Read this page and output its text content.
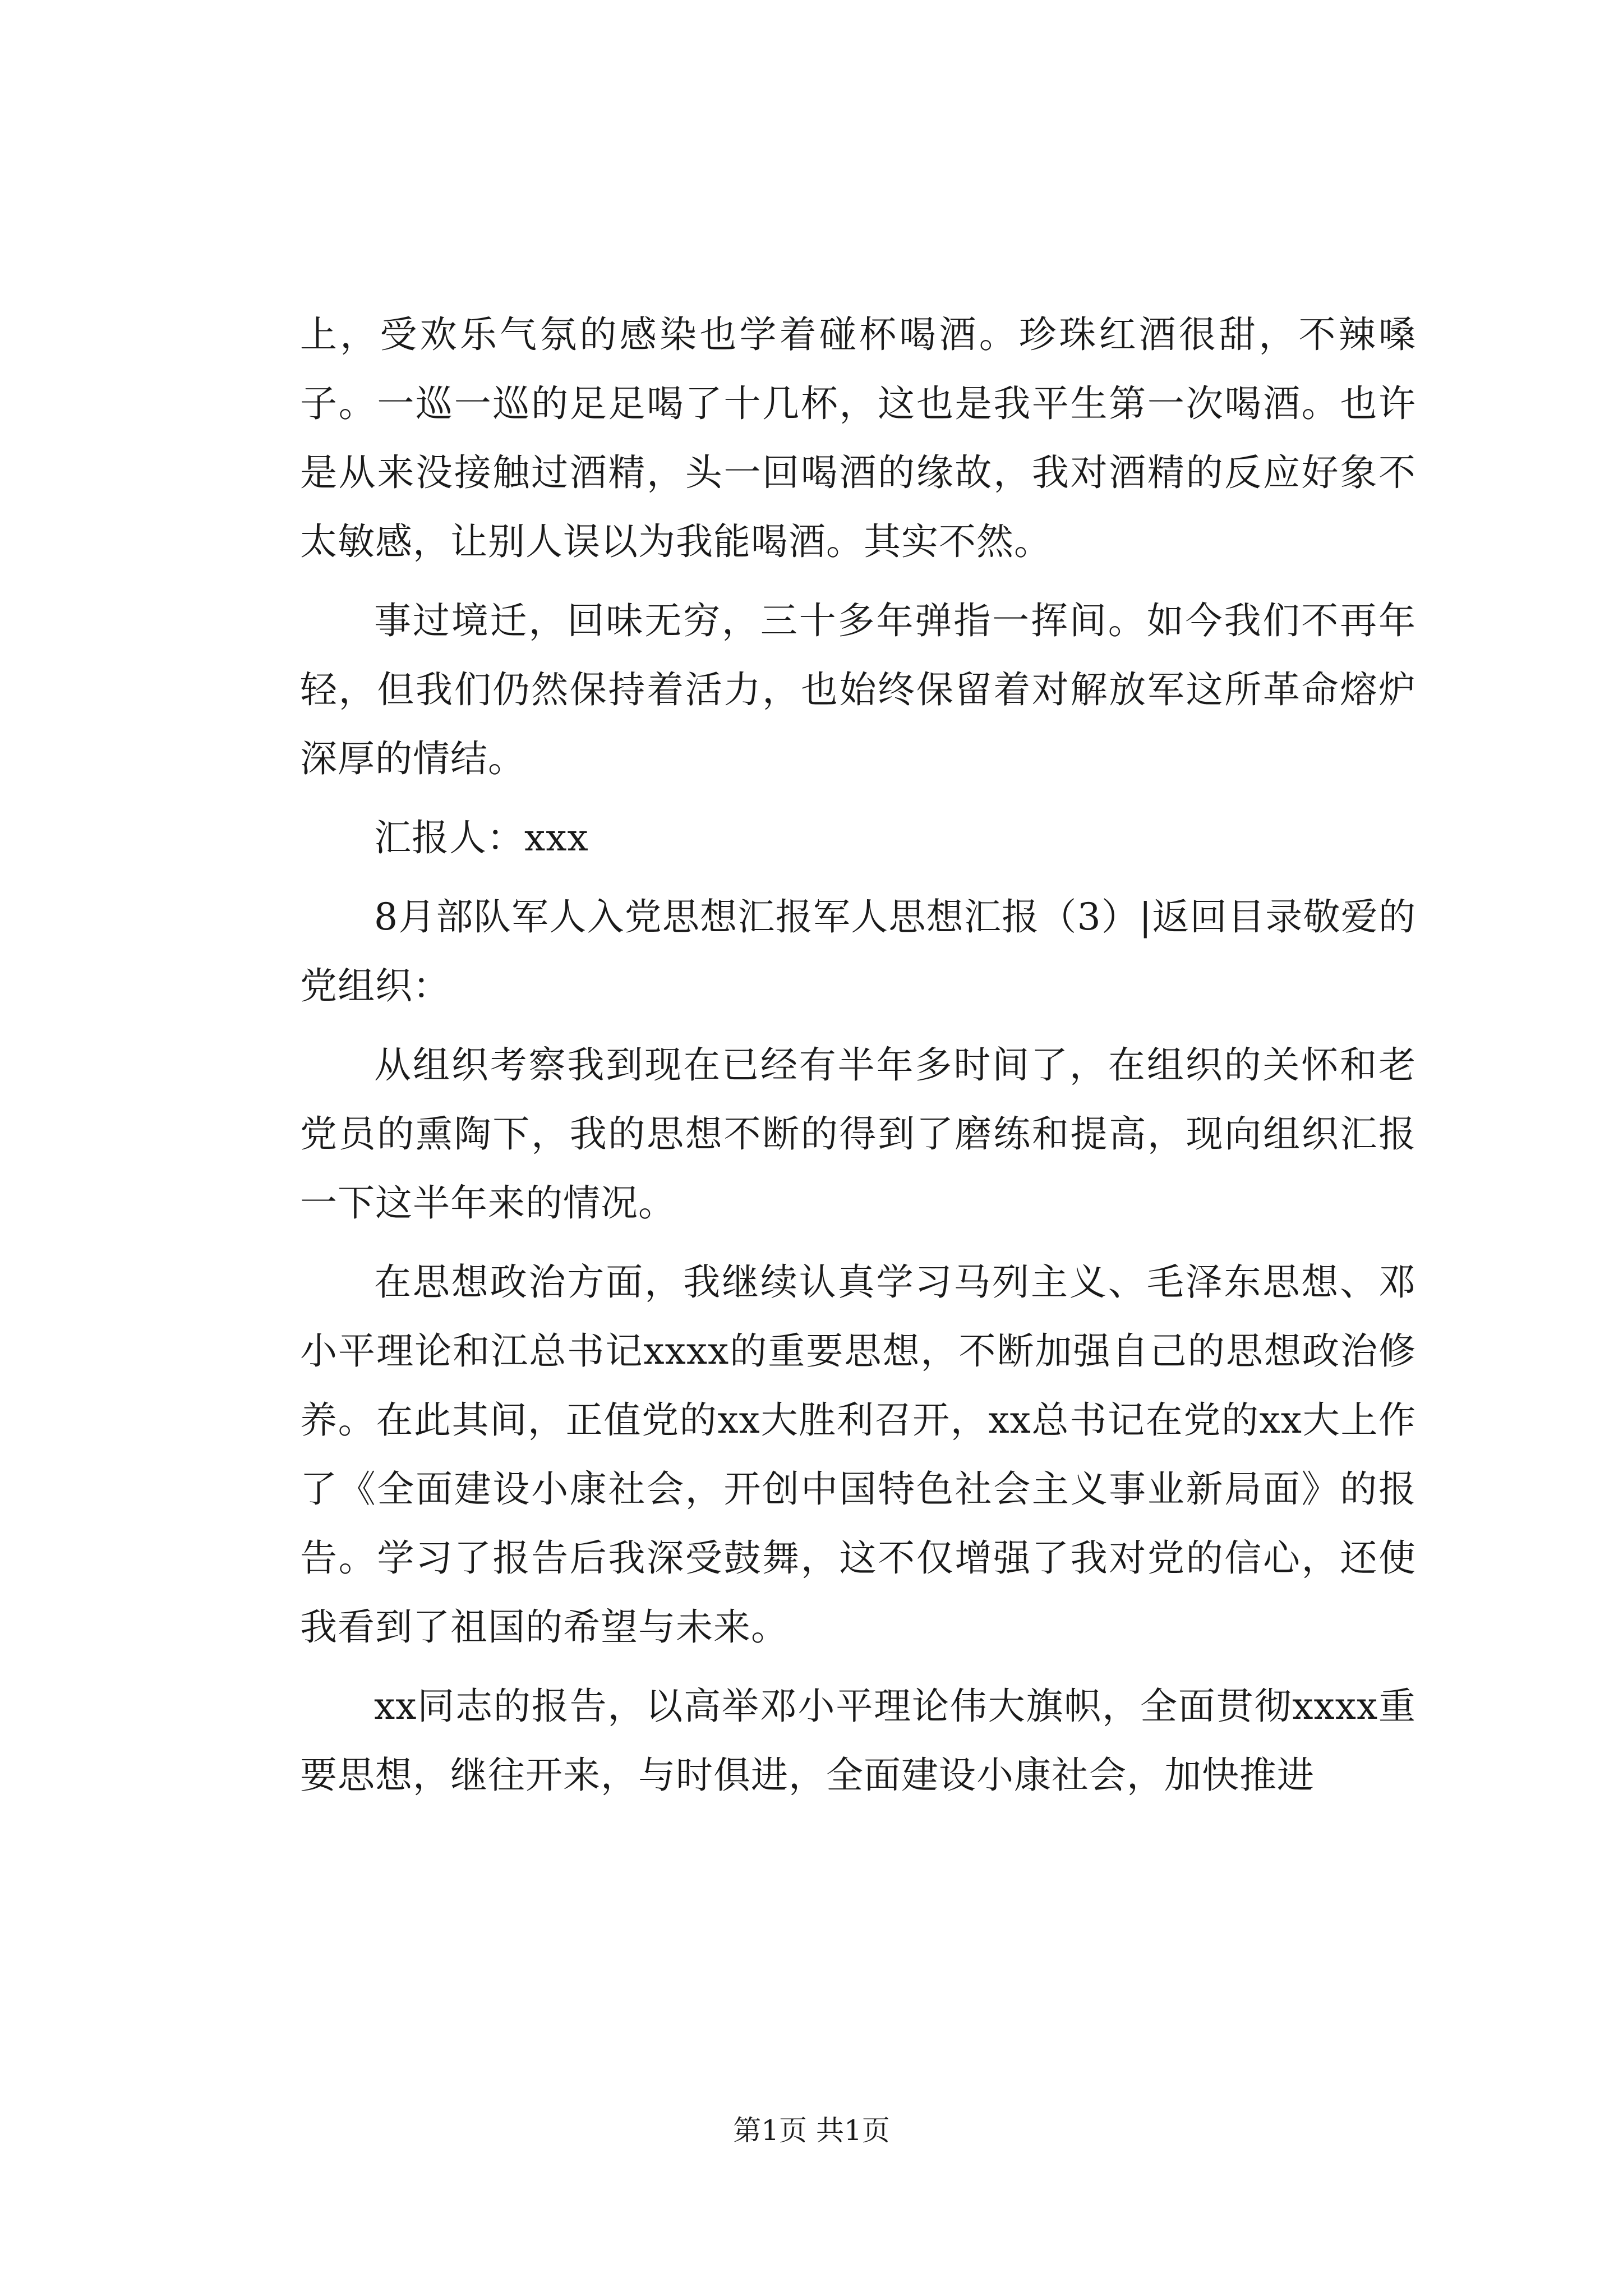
上，受欢乐气氛的感染也学着碰杯喝酒。珍珠红酒很甜，不辣嗓子。一巡一巡的足足喝了十几杯，这也是我平生第一次喝酒。也许是从来没接触过酒精，头一回喝酒的缘故，我对酒精的反应好象不太敏感，让别人误以为我能喝酒。其实不然。

事过境迁，回味无穷，三十多年弹指一挥间。如今我们不再年轻，但我们仍然保持着活力，也始终保留着对解放军这所革命熔炉深厚的情结。

汇报人：xxx

8月部队军人入党思想汇报军人思想汇报（3）|返回目录敬爱的党组织：

从组织考察我到现在已经有半年多时间了，在组织的关怀和老党员的熏陶下，我的思想不断的得到了磨练和提高，现向组织汇报一下这半年来的情况。

在思想政治方面，我继续认真学习马列主义、毛泽东思想、邓小平理论和江总书记xxxx的重要思想，不断加强自己的思想政治修养。在此其间，正值党的xx大胜利召开，xx总书记在党的xx大上作了《全面建设小康社会，开创中国特色社会主义事业新局面》的报告。学习了报告后我深受鼓舞，这不仅增强了我对党的信心，还使我看到了祖国的希望与未来。

xx同志的报告，以高举邓小平理论伟大旗帜，全面贯彻xxxx重要思想，继往开来，与时俱进，全面建设小康社会，加快推进

第1页 共1页
